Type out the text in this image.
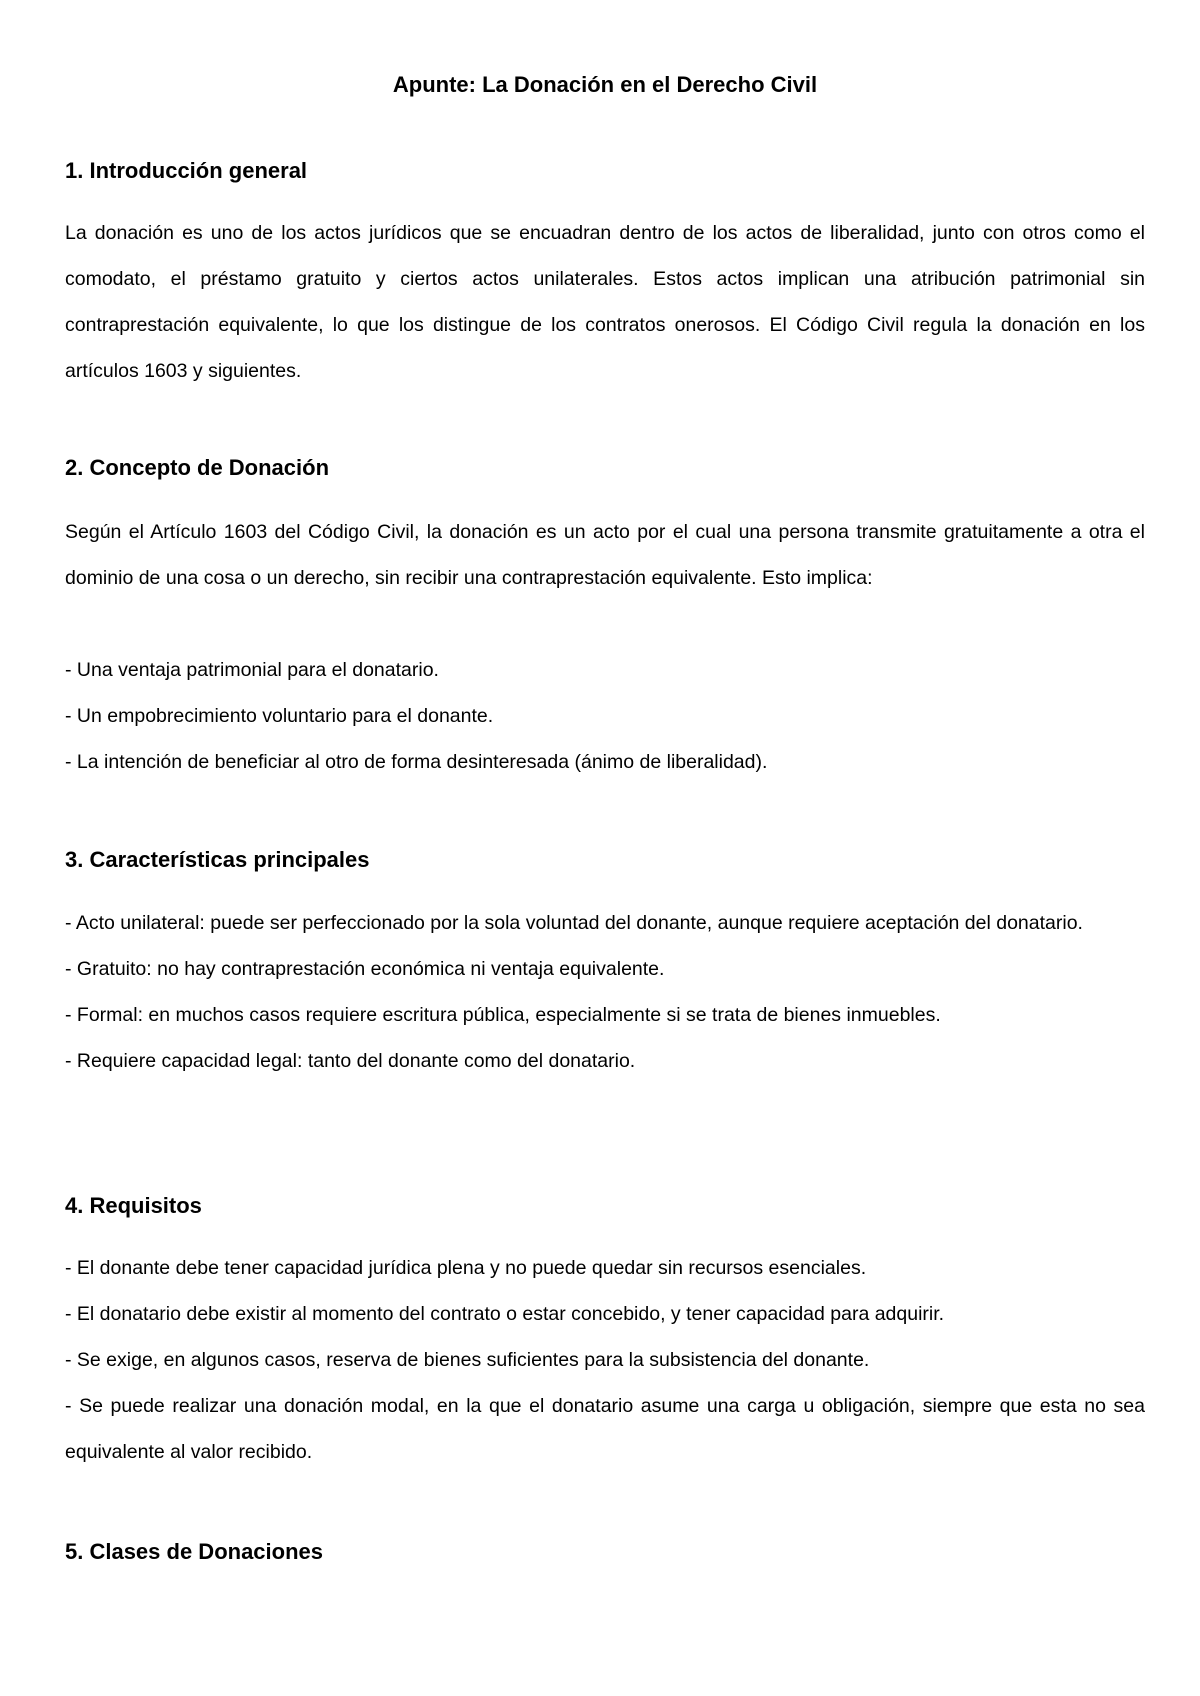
Apunte: La Donación en el Derecho Civil
1. Introducción general

La donación es uno de los actos jurídicos que se encuadran dentro de los actos de liberalidad, junto con otros como el comodato, el préstamo gratuito y ciertos actos unilaterales. Estos actos implican una atribución patrimonial sin contraprestación equivalente, lo que los distingue de los contratos onerosos. El Código Civil regula la donación en los artículos 1603 y siguientes.

2. Concepto de Donación

Según el Artículo 1603 del Código Civil, la donación es un acto por el cual una persona transmite gratuitamente a otra el dominio de una cosa o un derecho, sin recibir una contraprestación equivalente. Esto implica:

- Una ventaja patrimonial para el donatario.
- Un empobrecimiento voluntario para el donante.
- La intención de beneficiar al otro de forma desinteresada (ánimo de liberalidad).
3. Características principales
- Acto unilateral: puede ser perfeccionado por la sola voluntad del donante, aunque requiere aceptación del donatario.
- Gratuito: no hay contraprestación económica ni ventaja equivalente.
- Formal: en muchos casos requiere escritura pública, especialmente si se trata de bienes inmuebles.
- Requiere capacidad legal: tanto del donante como del donatario.
4. Requisitos
- El donante debe tener capacidad jurídica plena y no puede quedar sin recursos esenciales.
- El donatario debe existir al momento del contrato o estar concebido, y tener capacidad para adquirir.
- Se exige, en algunos casos, reserva de bienes suficientes para la subsistencia del donante.
- Se puede realizar una donación modal, en la que el donatario asume una carga u obligación, siempre que esta no sea equivalente al valor recibido.
5. Clases de Donaciones
